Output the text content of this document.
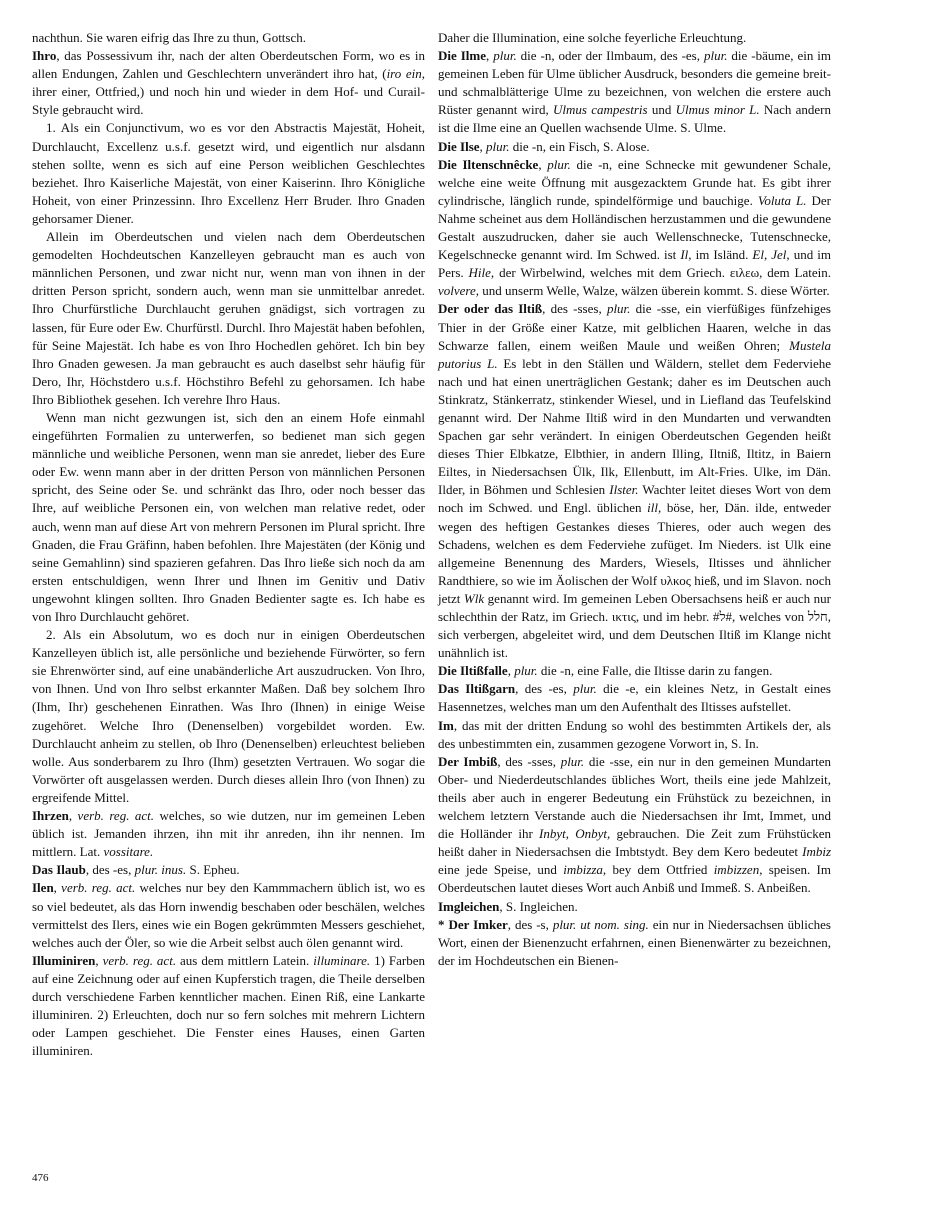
nachthun. Sie waren eifrig das Ihre zu thun, Gottsch.

Ihro, das Possessivum ihr, nach der alten Oberdeutschen Form, wo es in allen Endungen, Zahlen und Geschlechtern unverändert ihro hat, (iro ein, ihrer einer, Ottfried,) und noch hin und wieder in dem Hof- und Curail-Style gebraucht wird.

1. Als ein Conjunctivum, wo es vor den Abstractis Majestät, Hoheit, Durchlaucht, Excellenz u.s.f. gesetzt wird, und eigentlich nur alsdann stehen sollte, wenn es sich auf eine Person weiblichen Geschlechtes beziehet. Ihro Kaiserliche Majestät, von einer Kaiserinn. Ihro Königliche Hoheit, von einer Prinzessinn. Ihro Excellenz Herr Bruder. Ihro Gnaden gehorsamer Diener.

Allein im Oberdeutschen und vielen nach dem Oberdeutschen gemodelten Hochdeutschen Kanzelleyen gebraucht man es auch von männlichen Personen, und zwar nicht nur, wenn man von ihnen in der dritten Person spricht, sondern auch, wenn man sie unmittelbar anredet. Ihro Churfürstliche Durchlaucht geruhen gnädigst, sich vortragen zu lassen, für Eure oder Ew. Churfürstl. Durchl. Ihro Majestät haben befohlen, für Seine Majestät. Ich habe es von Ihro Hochedlen gehöret. Ich bin bey Ihro Gnaden gewesen. Ja man gebraucht es auch daselbst sehr häufig für Dero, Ihr, Höchstdero u.s.f. Höchstihro Befehl zu gehorsamen. Ich habe Ihro Bibliothek gesehen. Ich verehre Ihro Haus.

Wenn man nicht gezwungen ist, sich den an einem Hofe einmahl eingeführten Formalien zu unterwerfen, so bedienet man sich gegen männliche und weibliche Personen, wenn man sie anredet, lieber des Eure oder Ew. wenn mann aber in der dritten Person von männlichen Personen spricht, des Seine oder Se. und schränkt das Ihro, oder noch besser das Ihre, auf weibliche Personen ein, von welchen man relative redet, oder auch, wenn man auf diese Art von mehrern Personen im Plural spricht. Ihre Gnaden, die Frau Gräfinn, haben befohlen. Ihre Majestäten (der König und seine Gemahlinn) sind spazieren gefahren. Das Ihro ließe sich noch da am ersten entschuldigen, wenn Ihrer und Ihnen im Genitiv und Dativ ungewohnt klingen sollten. Ihro Gnaden Bedienter sagte es. Ich habe es von Ihro Durchlaucht gehöret.

2. Als ein Absolutum, wo es doch nur in einigen Oberdeutschen Kanzelleyen üblich ist, alle persönliche und beziehende Fürwörter, so fern sie Ehrenwörter sind, auf eine unabänderliche Art auszudrucken. Von Ihro, von Ihnen. Und von Ihro selbst erkannter Maßen. Daß bey solchem Ihro (Ihm, Ihr) geschehenen Einrathen. Was Ihro (Ihnen) in einige Weise zugehöret. Welche Ihro (Denenselben) vorgebildet worden. Ew. Durchlaucht anheim zu stellen, ob Ihro (Denenselben) erleuchtest belieben wolle. Aus sonderbarem zu Ihro (Ihm) gesetzten Vertrauen. Wo sogar die Vorwörter oft ausgelassen werden. Durch dieses allein Ihro (von Ihnen) zu ergreifende Mittel.

Ihrzen, verb. reg. act. welches, so wie dutzen, nur im gemeinen Leben üblich ist. Jemanden ihrzen, ihn mit ihr anreden, ihn ihr nennen. Im mittlern. Lat. vossitare.

Das Ilaub, des -es, plur. inus. S. Epheu.

Ilen, verb. reg. act. welches nur bey den Kammmachern üblich ist, wo es so viel bedeutet, als das Horn inwendig beschaben oder beschälen, welches vermittelst des Ilers, eines wie ein Bogen gekrümmten Messers geschiehet, welches auch der Öler, so wie die Arbeit selbst auch ölen genannt wird.

Illuminiren, verb. reg. act. aus dem mittlern Latein. illuminare. 1) Farben auf eine Zeichnung oder auf einen Kupferstich tragen, die Theile derselben durch verschiedene Farben kenntlicher machen. Einen Riß, eine Lankarte illuminiren. 2) Erleuchten, doch nur so fern solches mit mehrern Lichtern oder Lampen geschiehet. Die Fenster eines Hauses, einen Garten illuminiren.

Daher die Illumination, eine solche feyerliche Erleuchtung.

Die Ilme, plur. die -n, oder der Ilmbaum, des -es, plur. die -bäume, ein im gemeinen Leben für Ulme üblicher Ausdruck, besonders die gemeine breit- und schmalblätterige Ulme zu bezeichnen, von welchen die erstere auch Rüster genannt wird, Ulmus campestris und Ulmus minor L. Nach andern ist die Ilme eine an Quellen wachsende Ulme. S. Ulme.

Die Ilse, plur. die -n, ein Fisch, S. Alose.

Die Iltenschnêcke, plur. die -n, eine Schnecke mit gewundener Schale, welche eine weite Öffnung mit ausgezacktem Grunde hat. Es gibt ihrer cylindrische, länglich runde, spindelförmige und bauchige. Voluta L. Der Nahme scheinet aus dem Holländischen herzustammen und die gewundene Gestalt auszudrucken, daher sie auch Wellenschnecke, Tutenschnecke, Kegelschnecke genannt wird. Im Schwed. ist Il, im Isländ. El, Jel, und im Pers. Hile, der Wirbelwind, welches mit dem Griech. ειλεω, dem Latein. volvere, und unserm Welle, Walze, wälzen überein kommt. S. diese Wörter.

Der oder das Iltiß, des -sses, plur. die -sse, ein vierfüßiges fünfzehiges Thier in der Größe einer Katze, mit gelblichen Haaren, welche in das Schwarze fallen, einem weißen Maule und weißen Ohren; Mustela putorius L. Es lebt in den Ställen und Wäldern, stellet dem Federviehe nach und hat einen unerträglichen Gestank; daher es im Deutschen auch Stinkratz, Stänkerratz, stinkender Wiesel, und in Liefland das Teufelskind genannt wird. Der Nahme Iltiß wird in den Mundarten und verwandten Spachen gar sehr verändert. In einigen Oberdeutschen Gegenden heißt dieses Thier Elbkatze, Elbthier, in andern Illing, Iltniß, Iltitz, in Baiern Eiltes, in Niedersachsen Ülk, Ilk, Ellenbutt, im Alt-Fries. Ulke, im Dän. Ilder, in Böhmen und Schlesien Ilster. Wachter leitet dieses Wort von dem noch im Schwed. und Engl. üblichen ill, böse, her, Dän. ilde, entweder wegen des heftigen Gestankes dieses Thieres, oder auch wegen des Schadens, welchen es dem Federviehe zufüget. Im Nieders. ist Ulk eine allgemeine Benennung des Marders, Wiesels, Iltisses und ähnlicher Randthiere, so wie im Äolischen der Wolf υλκος hieß, und im Slavon. noch jetzt Wlk genannt wird. Im gemeinen Leben Obersachsens heiß er auch nur schlechthin der Ratz, im Griech. ικτις, und im hebr. #ל#, welches von חלל, sich verbergen, abgeleitet wird, und dem Deutschen Iltiß im Klange nicht unähnlich ist.

Die Iltißfalle, plur. die -n, eine Falle, die Iltisse darin zu fangen.

Das Iltißgarn, des -es, plur. die -e, ein kleines Netz, in Gestalt eines Hasennetzes, welches man um den Aufenthalt des Iltisses aufstellet.

Im, das mit der dritten Endung so wohl des bestimmten Artikels der, als des unbestimmten ein, zusammen gezogene Vorwort in, S. In.

Der Imbiß, des -sses, plur. die -sse, ein nur in den gemeinen Mundarten Ober- und Niederdeutschlandes übliches Wort, theils eine jede Mahlzeit, theils aber auch in engerer Bedeutung ein Frühstück zu bezeichnen, in welchem letztern Verstande auch die Niedersachsen ihr Imt, Immet, und die Holländer ihr Inbyt, Onbyt, gebrauchen. Die Zeit zum Frühstücken heißt daher in Niedersachsen die Imbtstydt. Bey dem Kero bedeutet Imbiz eine jede Speise, und imbizza, bey dem Ottfried imbizzen, speisen. Im Oberdeutschen lautet dieses Wort auch Anbiß und Immeß. S. Anbeißen.

Imgleichen, S. Ingleichen.

* Der Imker, des -s, plur. ut nom. sing. ein nur in Niedersachsen übliches Wort, einen der Bienenzucht erfahrnen, einen Bienenwärter zu bezeichnen, der im Hochdeutschen ein Bienen-

476
